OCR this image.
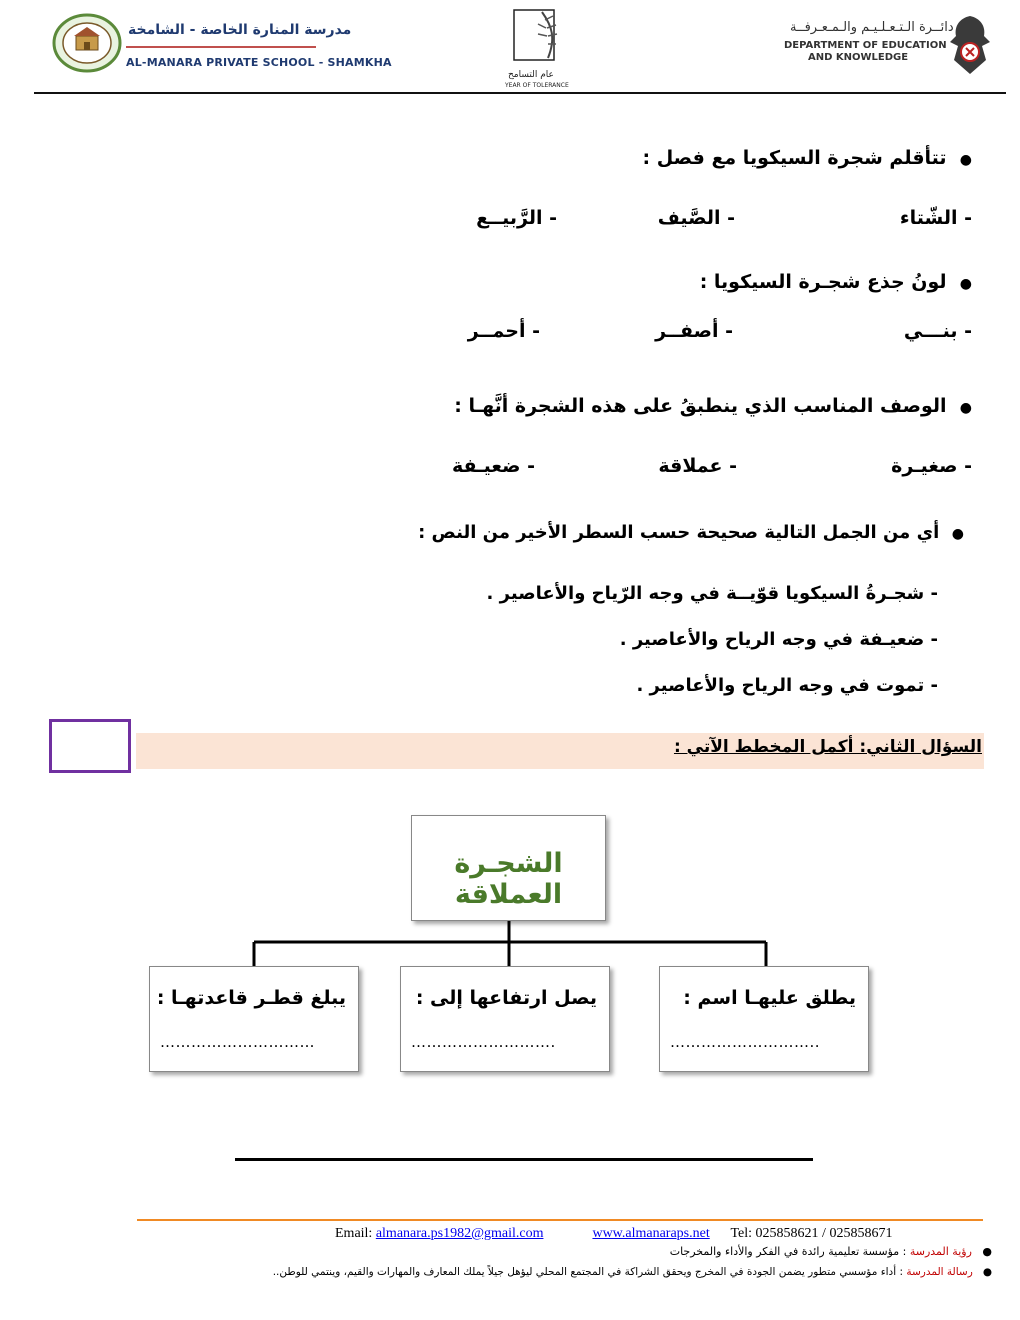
مدرسة المنارة الخاصة - الشامخة
AL-MANARA PRIVATE SCHOOL - SHAMKHA
عام التسامح
YEAR OF TOLERANCE
دائــرة الـتـعـلـيـم والـمـعـرفــة
DEPARTMENT OF EDUCATION
AND KNOWLEDGE
●  تتأقلم شجرة السيكويا مع فصل :
- الشّتاء
- الصَّيف
- الرَّبيــع
●  لونُ جذع شجـرة السيكويا :
- بنـــي
- أصفــر
- أحمــر
●  الوصف المناسب الذي ينطبقُ على هذه الشجرة أنَّهـا :
- صغيـرة
- عملاقة
- ضعيـفة
●  أي من الجمل التالية صحيحة حسب السطر الأخير من النص :
- شجـرةُ السيكويا قوّيــة في وجه الرّياح والأعاصير .
- ضعيـفة في وجه الرياح والأعاصير .
- تموت في وجه الرياح والأعاصير .
السؤال الثاني: أكمل المخطط الآتي :
الشجـرة العملاقة
يطلق عليهـا اسم :
………………………..
يصل ارتفاعها إلى :
……………………….
يبلغ قطـر قاعدتهـا :
…………………………
Email: almanara.ps1982@gmail.com	www.almanaraps.net Tel: 025858621 / 025858671
●   رؤية المدرسة : مؤسسة تعليمية رائدة في الفكر والأداء والمخرجات
●   رسالة المدرسة : أداء مؤسسي متطور يضمن الجودة في المخرج ويحقق الشراكة في المجتمع المحلي ليؤهل جيلاً يملك المعارف والمهارات والقيم، وينتمي للوطن..
